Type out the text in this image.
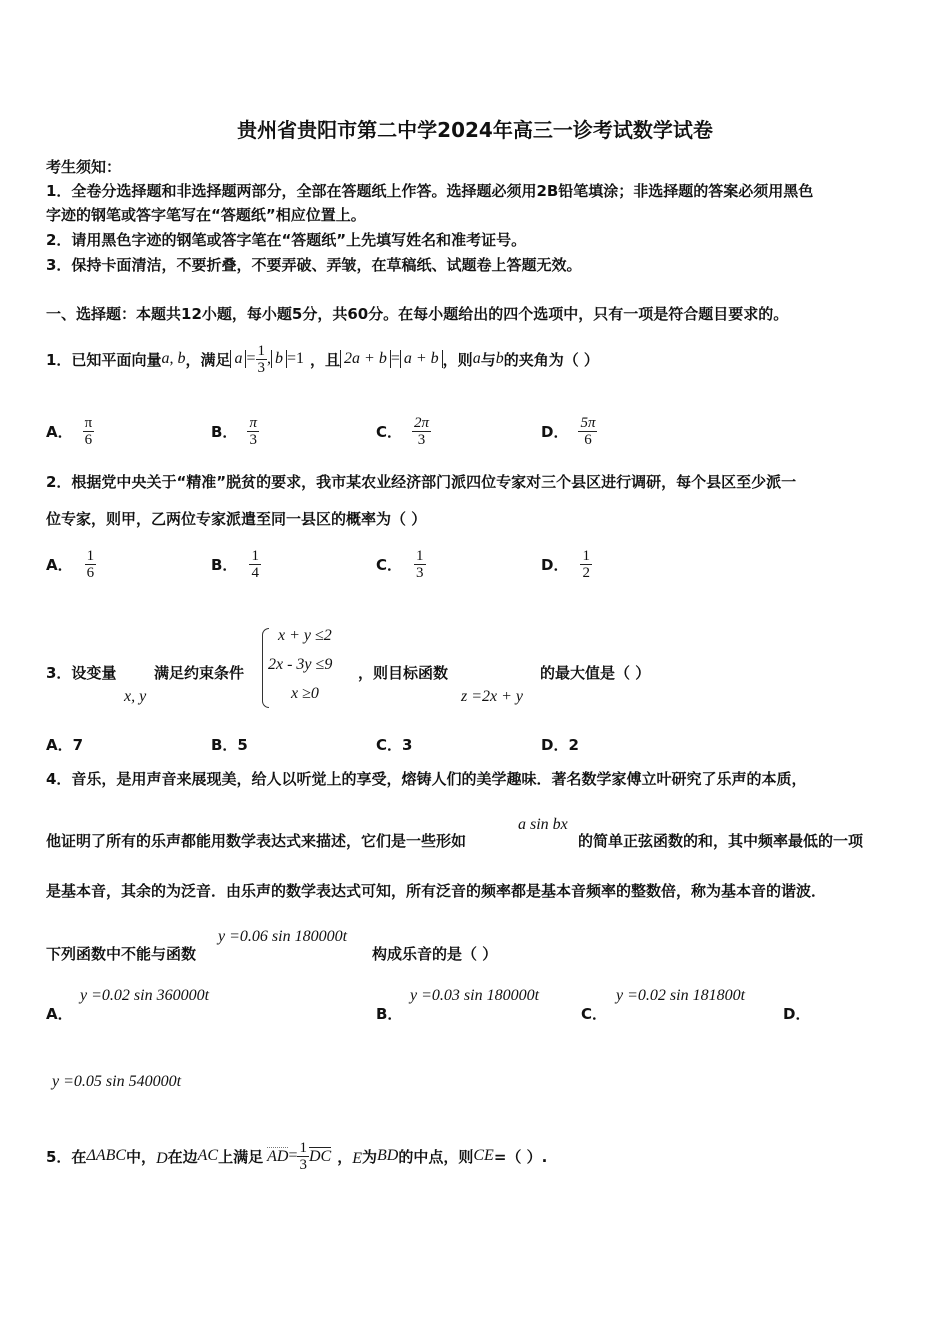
贵州省贵阳市第二中学2024年高三一诊考试数学试卷
考生须知：
1．全卷分选择题和非选择题两部分，全部在答题纸上作答。选择题必须用2B铅笔填涂；非选择题的答案必须用黑色
字迹的钢笔或答字笔写在“答题纸”相应位置上。
2．请用黑色字迹的钢笔或答字笔在“答题纸”上先填写姓名和准考证号。
3．保持卡面清洁，不要折叠，不要弄破、弄皱，在草稿纸、试题卷上答题无效。
一、选择题：本题共12小题，每小题5分，共60分。在每小题给出的四个选项中，只有一项是符合题目要求的。
1．已知平面向量 a, b ，满足 $a = \frac{1}{3}$ , b =1 ，且 2a + b = a + b ，则 a 与 b 的夹角为（ ）
A． $\frac{\pi}{6}$	B． $\frac{\pi}{3}$	C． $\frac{2\pi}{3}$	D． $\frac{5\pi}{6}$
2．根据党中央关于“精准”脱贫的要求，我市某农业经济部门派四位专家对三个县区进行调研，每个县区至少派一
位专家，则甲，乙两位专家派遣至同一县区的概率为（ ）
A． $\frac{1}{6}$	B． $\frac{1}{4}$	C． $\frac{1}{3}$	D． $\frac{1}{2}$
3．设变量
x, y
满足约束条件
x + y ≤2
2x - 3y ≤9
x ≥0
，则目标函数
z =2x + y
的最大值是（ ）
A．7	B．5	C．3	D．2
4．音乐，是用声音来展现美，给人以听觉上的享受，熔铸人们的美学趣味．著名数学家傅立叶研究了乐声的本质，
他证明了所有的乐声都能用数学表达式来描述，它们是一些形如
a sin bx
的简单正弦函数的和，其中频率最低的一项
是基本音，其余的为泛音．由乐声的数学表达式可知，所有泛音的频率都是基本音频率的整数倍，称为基本音的谐波．
下列函数中不能与函数
y =0.06 sin 180000t
构成乐音的是（ ）
A．
y =0.02 sin 360000t
B．
y =0.03 sin 180000t
C．
y =0.02 sin 181800t
D．
y =0.05 sin 540000t
5．在 ΔABC 中， D 在边 AC 上满足 AD = $\frac{1}{3}$ DC ， E 为 BD 的中点，则 CE =（ ）.
